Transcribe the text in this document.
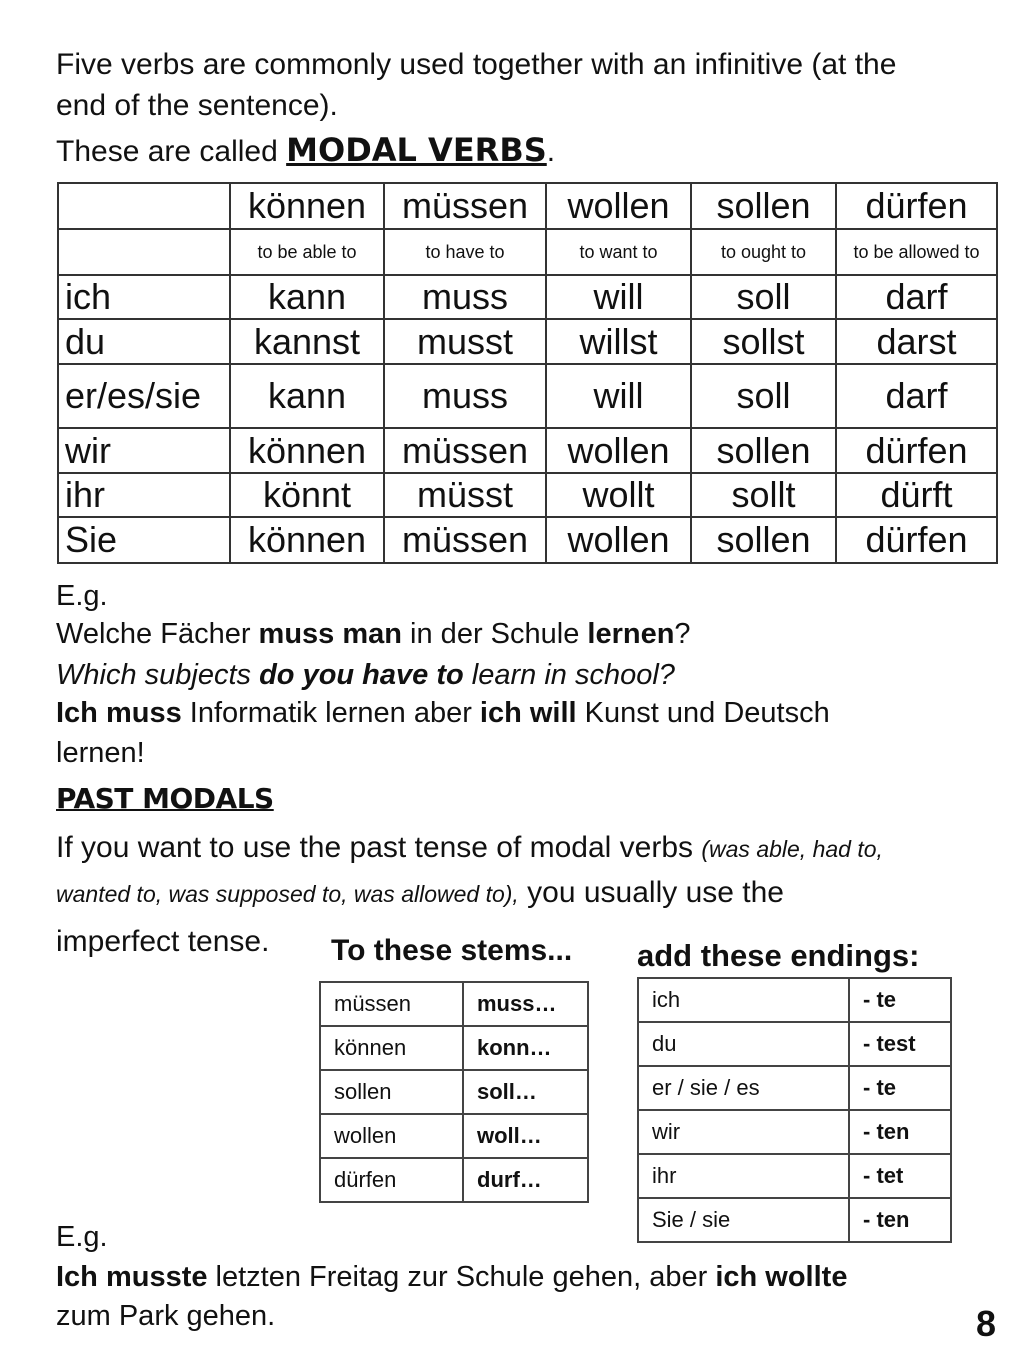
Five verbs are commonly used together with an infinitive (at the
end of the sentence).
These are called MODAL VERBS.
	können	müssen	wollen	sollen	dürfen
	to be able to	to have to	to want to	to ought to	to be allowed to
ich	kann	muss	will	soll	darf
du	kannst	musst	willst	sollst	darst
er/es/sie	kann	muss	will	soll	darf
wir	können	müssen	wollen	sollen	dürfen
ihr	könnt	müsst	wollt	sollt	dürft
Sie	können	müssen	wollen	sollen	dürfen
E.g.
Welche Fächer muss man in der Schule lernen?
Which subjects do you have to learn in school?
Ich muss Informatik lernen aber ich will Kunst und Deutsch
lernen!
PAST MODALS
If you want to use the past tense of modal verbs (was able, had to,
wanted to, was supposed to, was allowed to), you usually use the
imperfect tense. To these stems... add these endings:
müssen	muss…
können	konn…
sollen	soll…
wollen	woll…
dürfen	durf…
ich	- te
du	- test
er / sie / es	- te
wir	- ten
ihr	- tet
Sie / sie	- ten
E.g.
Ich musste letzten Freitag zur Schule gehen, aber ich wollte
zum Park gehen.	8
